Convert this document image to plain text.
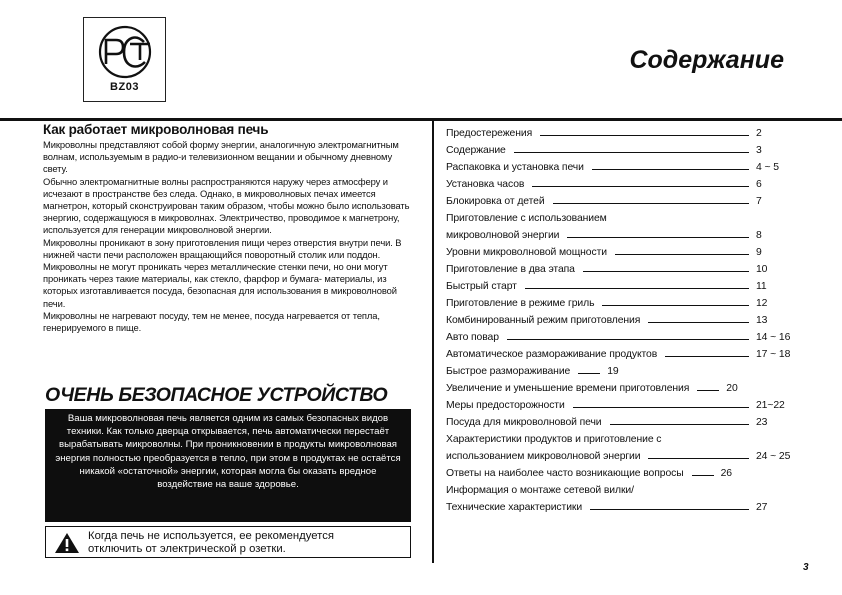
BZ03
Содержание
Как работает микроволновая печь

Микроволны представляют собой форму энергии, аналогичную электромагнитным волнам, используемым в радио-и телевизионном вещании и обычному дневному свету.

Обычно электромагнитные волны распространяются наружу через атмосферу и исчезают в пространстве без следа. Однако, в микроволновых печах имеется магнетрон, который сконструирован таким образом, чтобы можно было использовать энергию, содержащуюся в микроволнах. Электричество, проводимое к магнетрону, используется для генерации микроволновой энергии.

Микроволны проникают в зону приготовления пищи через отверстия внутри печи. В нижней части печи расположен вращающийся поворотный столик или поддон. Микроволны не могут проникать через металлические стенки печи, но они могут проникать через такие материалы, как стекло, фарфор и бумага- материалы, из которых изготавливается посуда, безопасная для использования в микроволновой печи.

Микроволны не нагревают посуду, тем не менее, посуда нагревается от тепла, генерируемого в пище.

ОЧЕНЬ БЕЗОПАСНОЕ УСТРОЙСТВО
Ваша микроволновая печь является одним из самых безопасных видов техники. Как только дверца открывается, печь автоматически перестаёт вырабатывать микроволны. При проникновении в продукты микроволновая энергия полностью преобразуется в тепло, при этом в продуктах не остаётся никакой «остаточной» энергии, которая могла бы оказать вредное воздействие на ваше здоровье.
Когда печь не используется, ее рекомендуется
отключить от электрической р озетки.
Предостережения	2
Содержание	3
Распаковка и установка печи	4 ~ 5
Установка часов	6
Блокировка от детей	7
Приготовление с использованием
микроволновой энергии	8
Уровни микроволновой мощности	9
Приготовление в два этапа	10
Быстрый старт	11
Приготовление в режиме гриль	12
Комбинированный режим приготовления	13
Авто повар	14 ~ 16
Автоматическое размораживание продуктов	17 ~ 18
Быстрое размораживание	19
Увеличение и уменьшение времени приготовления	20
Меры предосторожности	21~22
Посуда для микроволновой печи	23
Характеристики продуктов и приготовление с
использованием микроволновой энергии	24 ~ 25
Ответы на наиболее часто возникающие вопросы	26
Информация о монтаже сетевой вилки/
Технические характеристики	27
3
